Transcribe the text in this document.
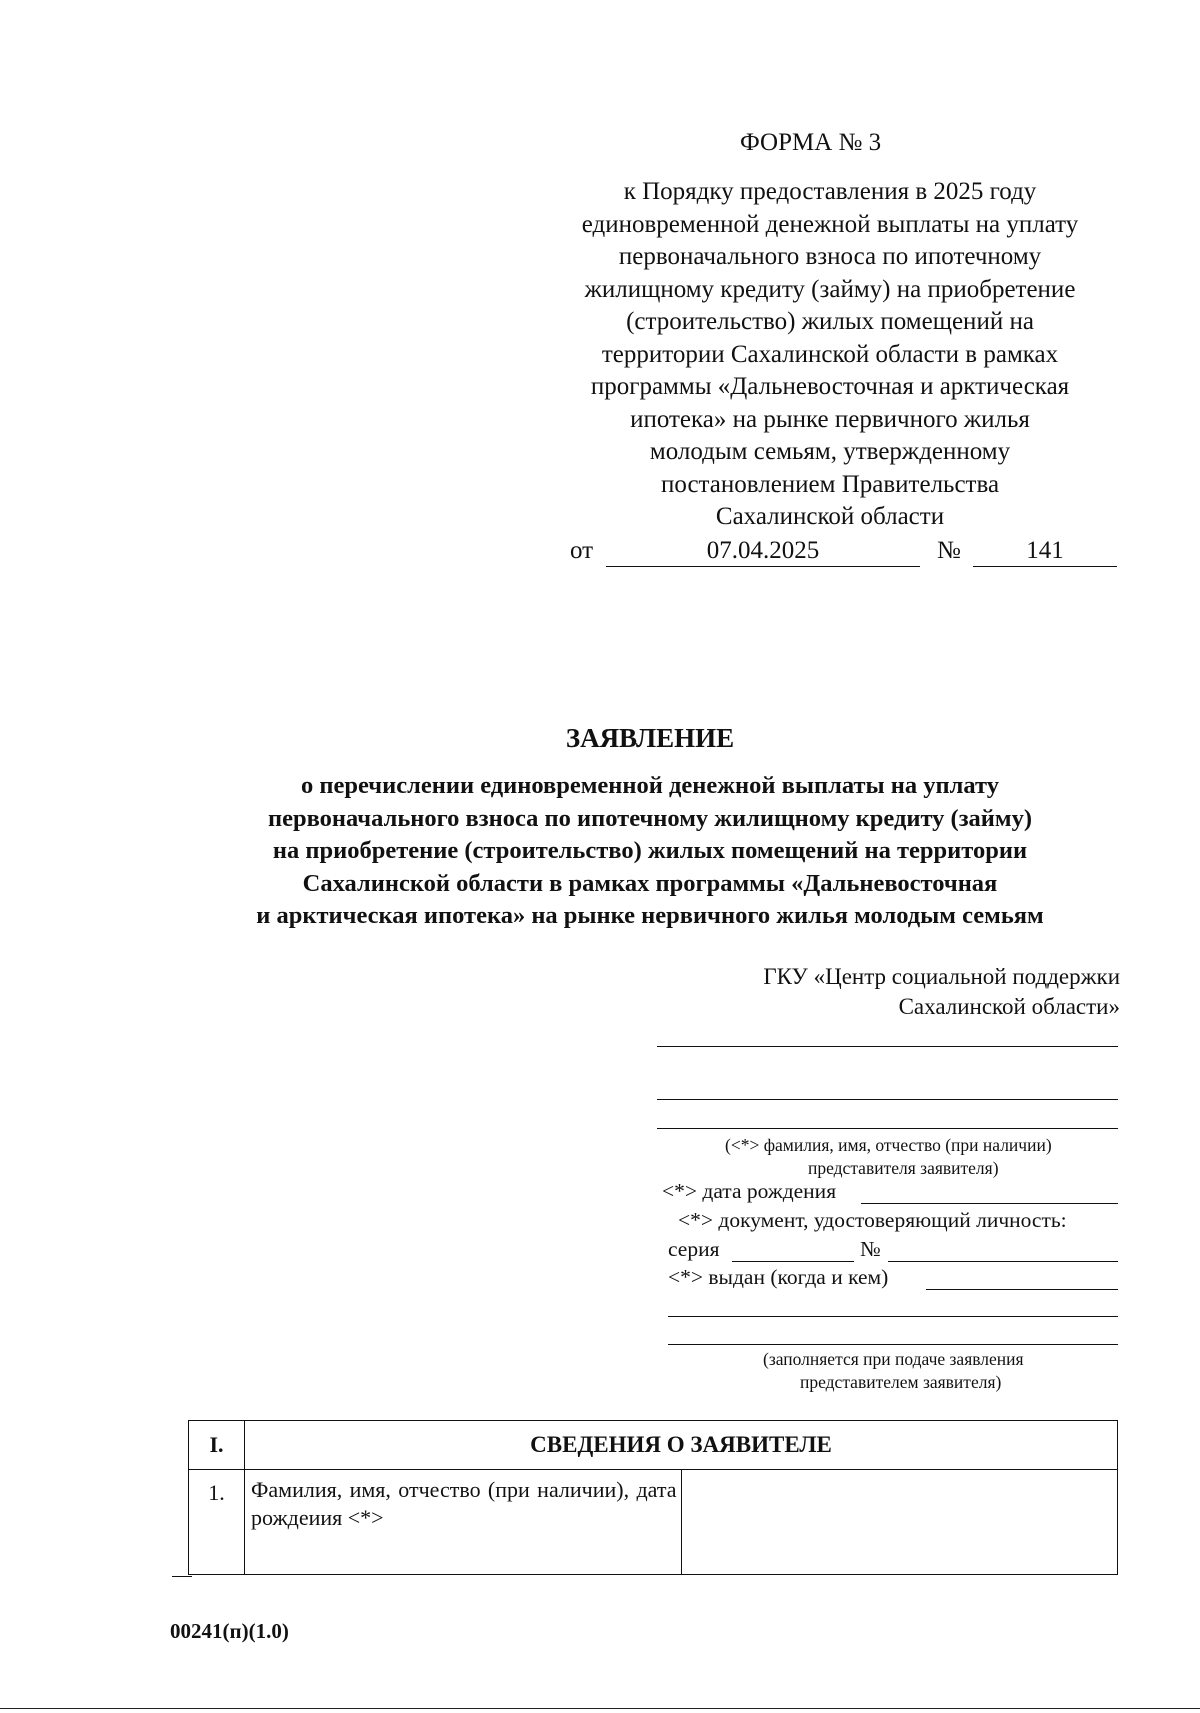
ФОРМА № 3
к Порядку предоставления в 2025 году
единовременной денежной выплаты на уплату
первоначального взноса по ипотечному
жилищному кредиту (займу) на приобретение
(строительство) жилых помещений на
территории Сахалинской области в рамках
программы «Дальневосточная и арктическая
ипотека» на рынке первичного жилья
молодым семьям, утвержденному
постановлением Правительства
Сахалинской области
от	07.04.2025	№	141
ЗАЯВЛЕНИЕ
о перечислении единовременной денежной выплаты на уплату
первоначального взноса по ипотечному жилищному кредиту (займу)
на приобретение (строительство) жилых помещений на территории
Сахалинской области в рамках программы «Дальневосточная
и арктическая ипотека» на рынке нервичного жилья молодым семьям
ГКУ «Центр социальной поддержки
Сахалинской области»
(<*> фамилия, имя, отчество (при наличии)
представителя заявителя)
<*> дата рождения
<*> документ, удостоверяющий личность:
серия	№
<*> выдан (когда и кем)
(заполняется при подаче заявления
представителем заявителя)
I.	СВЕДЕНИЯ О ЗАЯВИТЕЛЕ	
1.	Фамилия, имя, отчество (при наличии), дата рождеиия <*>	
00241(п)(1.0)
